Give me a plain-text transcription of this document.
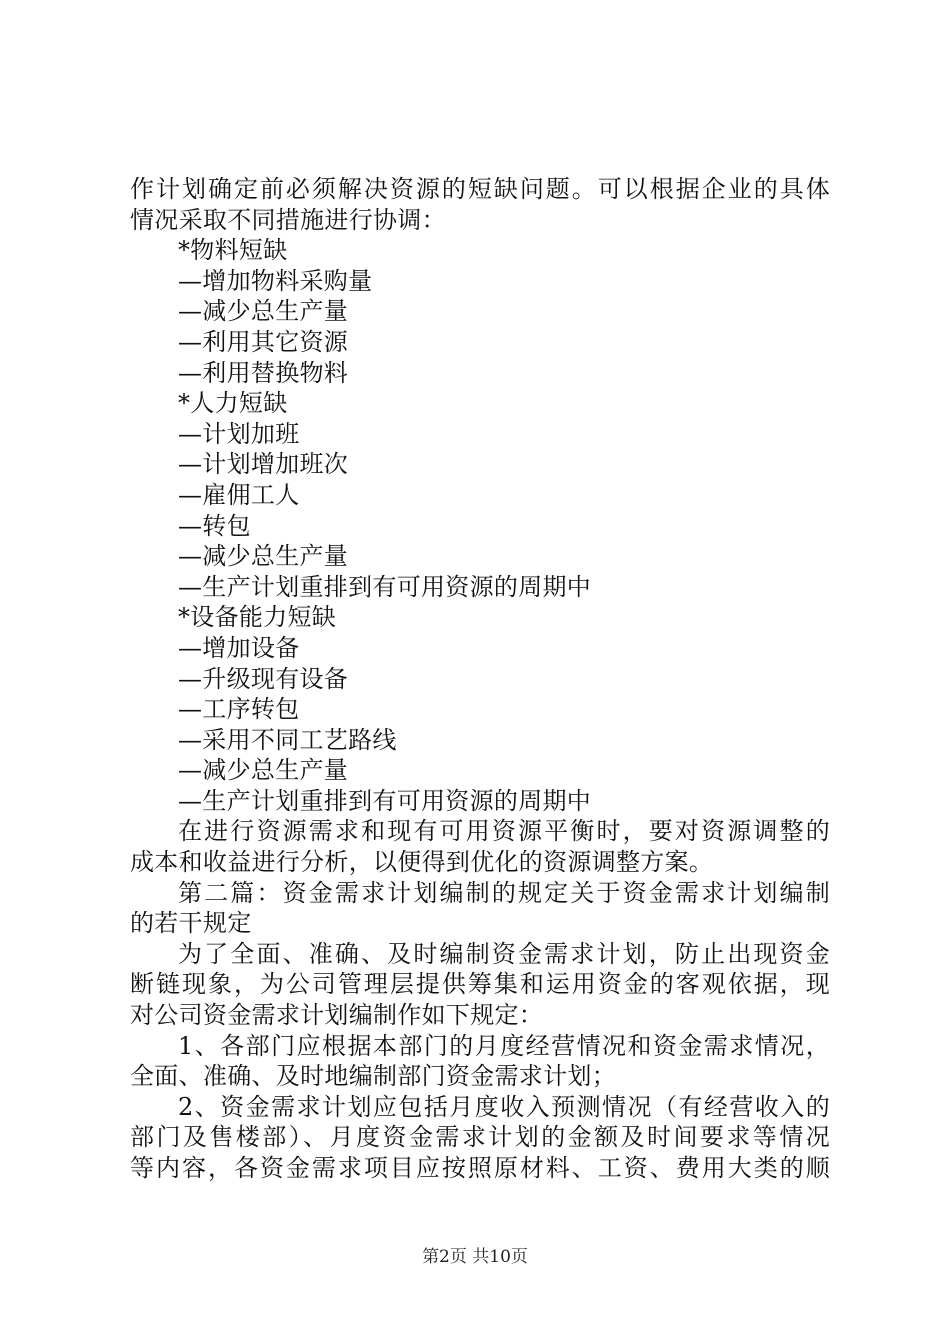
作计划确定前必须解决资源的短缺问题。可以根据企业的具体
情况采取不同措施进行协调：
*物料短缺
—增加物料采购量
—减少总生产量
—利用其它资源
—利用替换物料
*人力短缺
—计划加班
—计划增加班次
—雇佣工人
—转包
—减少总生产量
—生产计划重排到有可用资源的周期中
*设备能力短缺
—增加设备
—升级现有设备
—工序转包
—采用不同工艺路线
—减少总生产量
—生产计划重排到有可用资源的周期中
在进行资源需求和现有可用资源平衡时，要对资源调整的
成本和收益进行分析，以便得到优化的资源调整方案。
第二篇：资金需求计划编制的规定关于资金需求计划编制
的若干规定
为了全面、准确、及时编制资金需求计划，防止出现资金
断链现象，为公司管理层提供筹集和运用资金的客观依据，现
对公司资金需求计划编制作如下规定：
1、各部门应根据本部门的月度经营情况和资金需求情况，
全面、准确、及时地编制部门资金需求计划；
2、资金需求计划应包括月度收入预测情况（有经营收入的
部门及售楼部）、月度资金需求计划的金额及时间要求等情况
等内容，各资金需求项目应按照原材料、工资、费用大类的顺
第2页 共10页
